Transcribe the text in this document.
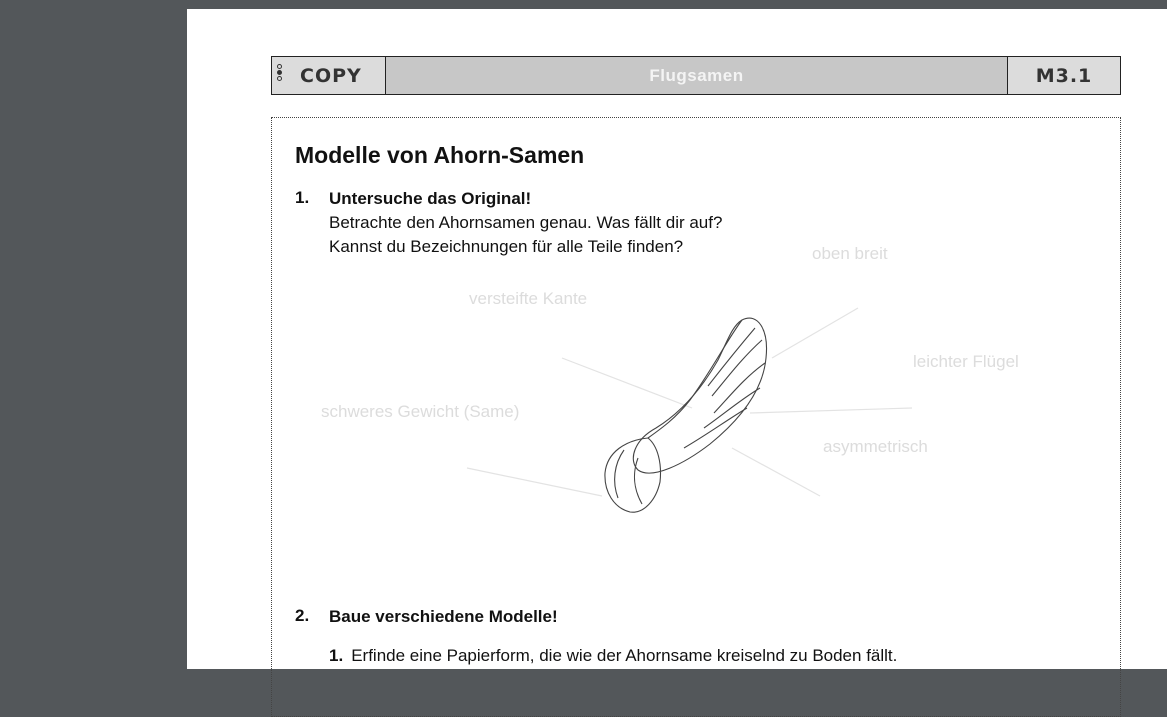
COPY	Flugsamen	M3.1
Modelle von Ahorn-Samen
1. Untersuche das Original!
Betrachte den Ahornsamen genau. Was fällt dir auf?
Kannst du Bezeichnungen für alle Teile finden?	oben breit
versteifte Kante
leichter Flügel
schweres Gewicht (Same)
asymmetrisch
2. Baue verschiedene Modelle!
1. Erfinde eine Papierform, die wie der Ahornsame kreiselnd zu Boden fällt.
